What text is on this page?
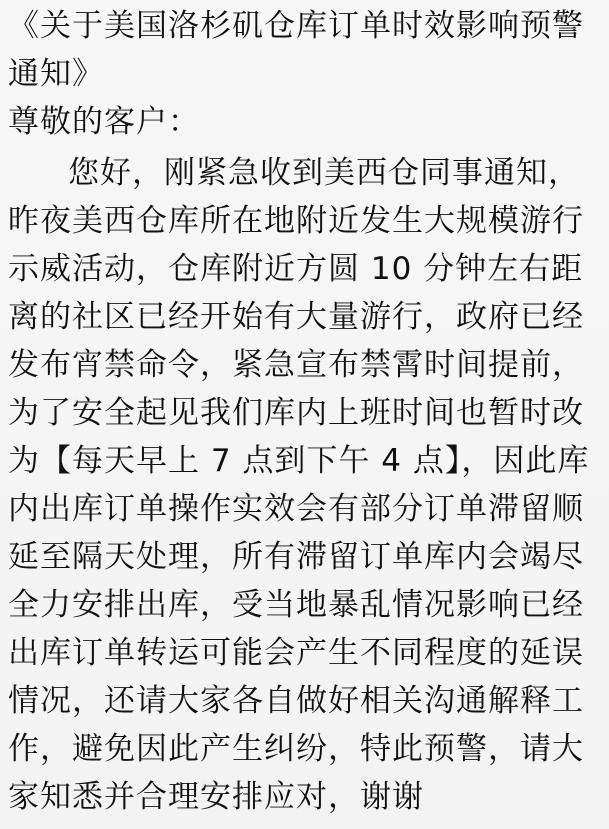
《关于美国洛杉矶仓库订单时效影响预警
通知》
尊敬的客户：
您好，刚紧急收到美西仓同事通知，
昨夜美西仓库所在地附近发生大规模游行
示威活动，仓库附近方圆 10 分钟左右距
离的社区已经开始有大量游行，政府已经
发布宵禁命令，紧急宣布禁霄时间提前，
为了安全起见我们库内上班时间也暂时改
为【每天早上 7 点到下午 4 点】，因此库
内出库订单操作实效会有部分订单滞留顺
延至隔天处理，所有滞留订单库内会竭尽
全力安排出库，受当地暴乱情况影响已经
出库订单转运可能会产生不同程度的延误
情况，还请大家各自做好相关沟通解释工
作，避免因此产生纠纷，特此预警，请大
家知悉并合理安排应对，谢谢
